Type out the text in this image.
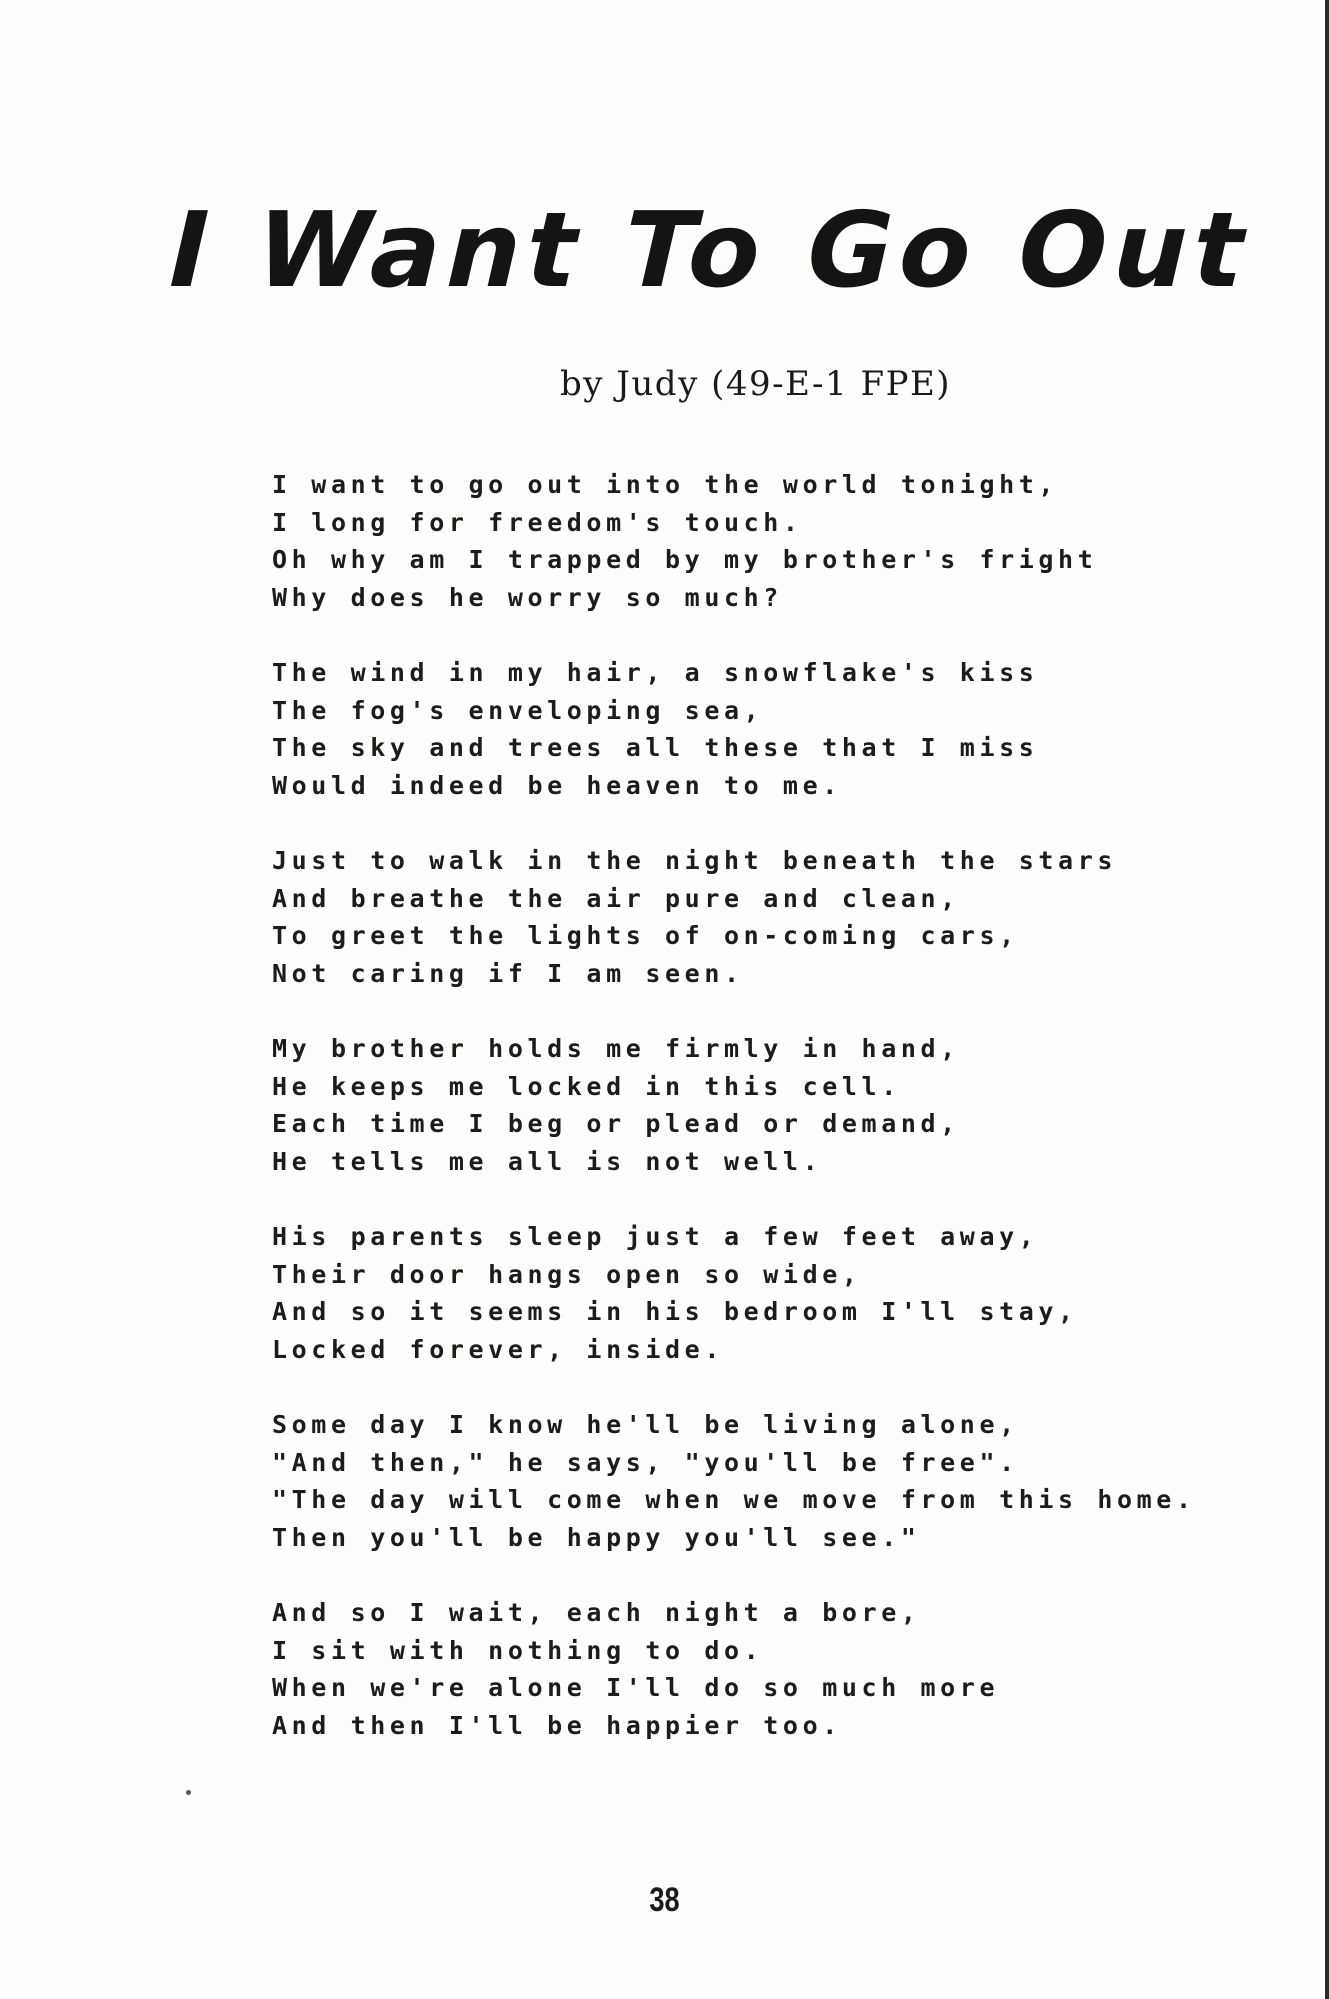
I Want To Go Out

by Judy (49-E-1 FPE)

I want to go out into the world tonight,
I long for freedom's touch.
Oh why am I trapped by my brother's fright
Why does he worry so much?
The wind in my hair, a snowflake's kiss
The fog's enveloping sea,
The sky and trees all these that I miss
Would indeed be heaven to me.
Just to walk in the night beneath the stars
And breathe the air pure and clean,
To greet the lights of on-coming cars,
Not caring if I am seen.
My brother holds me firmly in hand,
He keeps me locked in this cell.
Each time I beg or plead or demand,
He tells me all is not well.
His parents sleep just a few feet away,
Their door hangs open so wide,
And so it seems in his bedroom I'll stay,
Locked forever, inside.
Some day I know he'll be living alone,
"And then," he says, "you'll be free".
"The day will come when we move from this home.
Then you'll be happy you'll see."
And so I wait, each night a bore,
I sit with nothing to do.
When we're alone I'll do so much more
And then I'll be happier too.

38
